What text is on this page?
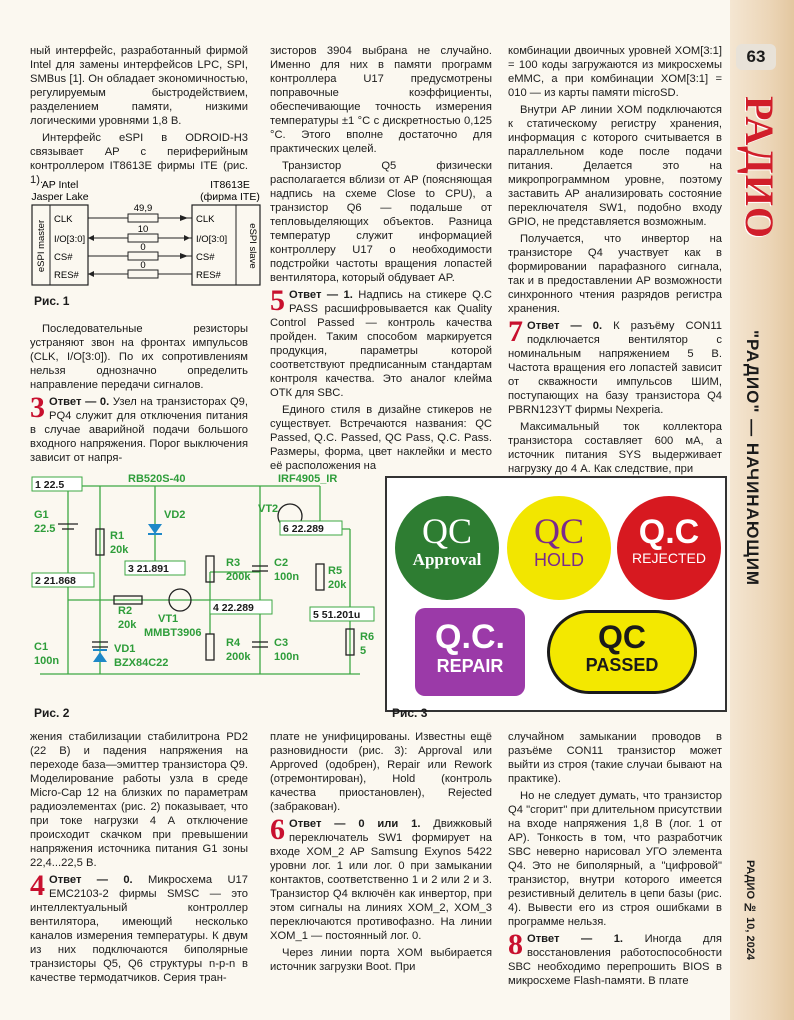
ный интерфейс, разработанный фирмой Intel для замены интерфейсов LPC, SPI, SMBus [1]. Он обладает экономичностью, регулируемым быстродействием, разделением памяти, низкими логическими уровнями 1,8 В.

Интерфейс eSPI в ODROID-H3 связывает AP с периферийным контроллером IT8613E фирмы ITE (рис. 1).

AP Intel Jasper Lake
IT8613E (фирма ITE)
eSPI master	eSPI slave
CLK
I/O[3:0]
CS#
RES#
CLK
I/O[3:0]
CS#
RES#
49,9
10
0
0
Рис. 1

Последовательные резисторы устраняют звон на фронтах импульсов (CLK, I/O[3:0]). По их сопротивлениям нельзя однозначно определить направление передачи сигналов.

3 Ответ — 0. Узел на транзисторах Q9, PQ4 служит для отключения питания в случае аварийной подачи большого входного напряжения. Порог выключения зависит от напря-

зисторов 3904 выбрана не случайно. Именно для них в памяти программ контроллера U17 предусмотрены поправочные коэффициенты, обеспечивающие точность измерения температуры ±1 °С с дискретностью 0,125 °С. Этого вполне достаточно для практических целей.

Транзистор Q5 физически располагается вблизи от AP (поясняющая надпись на схеме Close to CPU), а транзистор Q6 — подальше от тепловыделяющих объектов. Разница температур служит информацией контроллеру U17 о необходимости подстройки частоты вращения лопастей вентилятора, который обдувает AP.

5 Ответ — 1. Надпись на стикере Q.C PASS расшифровывается как Quality Control Passed — контроль качества пройден. Таким способом маркируется продукция, параметры которой соответствуют предписанным стандартам контроля качества. Это аналог клейма ОТК для SBC.

Единого стиля в дизайне стикеров не существует. Встречаются названия: QC Passed, Q.C. Passed, QC Pass, Q.C. Pass. Размеры, форма, цвет наклейки и место её расположения на

комбинации двоичных уровней XOM[3:1] = 100 коды загружаются из микросхемы eMMC, а при комбинации XOM[3:1] = 010 — из карты памяти microSD.

Внутри AP линии XOM подключаются к статическому регистру хранения, информация с которого считывается в параллельном коде после подачи питания. Делается это на микропрограммном уровне, поэтому заставить AP анализировать состояние переключателя SW1, подобно входу GPIO, не представляется возможным.

Получается, что инвертор на транзисторе Q4 участвует как в формировании парафазного сигнала, так и в предоставлении AP возможности синхронного чтения разрядов регистра хранения.

7 Ответ — 0. К разъёму CON11 подключается вентилятор с номинальным напряжением 5 В. Частота вращения его лопастей зависит от скважности импульсов ШИМ, поступающих на базу транзистора Q4 PBRN123YT фирмы Nexperia.

Максимальный ток коллектора транзистора составляет 600 мА, а источник питания SYS выдерживает нагрузку до 4 А. Как следствие, при

1 22.5
2 21.868
3 21.891
6 22.289
4 22.289
5 51.201u
G1
22.5
RB520S-40	IRF4905_IR
VD2	VT2
R1
20k
R3
200k
C2
100n	R5
20k
R2
20k VT1
MMBT3906
C1
100n
VD1
BZX84C22
R4
200k
C3
100n
R6
5
Рис. 2
QC
Approval
QC
HOLD
Q.C
REJECTED
Q.C.
REPAIR
QC
PASSED
Рис. 3

жения стабилизации стабилитрона PD2 (22 В) и падения напряжения на переходе база—эмиттер транзистора Q9. Моделирование работы узла в среде Micro-Cap 12 на близких по параметрам радиоэлементах (рис. 2) показывает, что при токе нагрузки 4 А отключение происходит скачком при превышении напряжения источника питания G1 зоны 22,4...22,5 В.

4 Ответ — 0. Микросхема U17 EMC2103-2 фирмы SMSC — это интеллектуальный контроллер вентилятора, имеющий несколько каналов измерения температуры. К двум из них подключаются биполярные транзисторы Q5, Q6 структуры n-p-n в качестве термодатчиков. Серия тран-

плате не унифицированы. Известны ещё разновидности (рис. 3): Approval или Approved (одобрен), Repair или Rework (отремонтирован), Hold (контроль качества приостановлен), Rejected (забракован).

6 Ответ — 0 или 1. Движковый переключатель SW1 формирует на входе XOM_2 AP Samsung Exynos 5422 уровни лог. 1 или лог. 0 при замыкании контактов, соответственно 1 и 2 или 2 и 3. Транзистор Q4 включён как инвертор, при этом сигналы на линиях XOM_2, XOM_3 переключаются противофазно. На линии XOM_1 — постоянный лог. 0.

Через линии порта XOM выбирается источник загрузки Boot. При

случайном замыкании проводов в разъёме CON11 транзистор может выйти из строя (такие случаи бывают на практике).

Но не следует думать, что транзистор Q4 "сгорит" при длительном присутствии на входе напряжения 1,8 В (лог. 1 от AP). Тонкость в том, что разработчик SBC неверно нарисовал УГО элемента Q4. Это не биполярный, а "цифровой" транзистор, внутри которого имеется резистивный делитель в цепи базы (рис. 4). Вывести его из строя ошибками в программе нельзя.

8 Ответ — 1. Иногда для восстановления работоспособности SBC необходимо перепрошить BIOS в микросхеме Flash-памяти. В плате

63
РАДИО
"РАДИО" — НАЧИНАЮЩИМ
РАДИО № 10, 2024
